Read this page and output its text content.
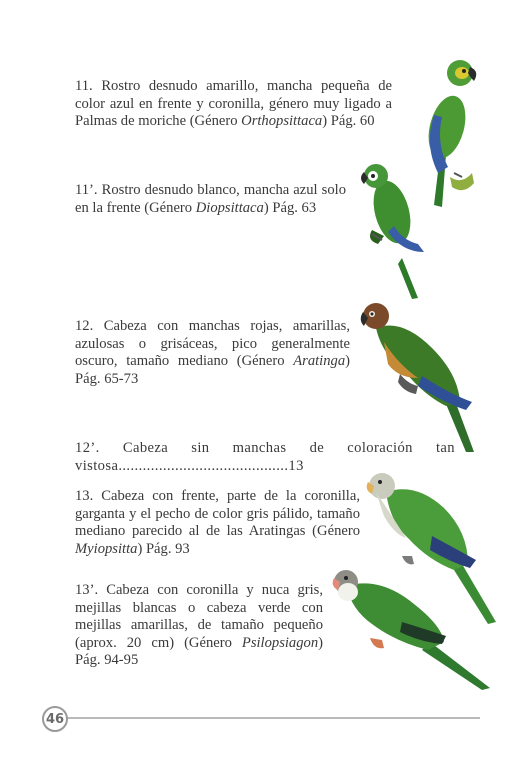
11. Rostro desnudo amarillo, mancha pequeña de color azul en frente y coronilla, género muy ligado a Palmas de moriche (Género Orthopsittaca) Pág. 60

11’. Rostro desnudo blanco, mancha azul solo en la frente (Género Diopsittaca) Pág. 63

12. Cabeza con manchas rojas, amarillas, azulosas o grisáceas, pico generalmente oscuro, tamaño mediano (Género Aratinga) Pág. 65-73

12’. Cabeza sin manchas de coloración tan vistosa..........................................13

13. Cabeza con frente, parte de la coronilla, garganta y el pecho de color gris pálido, tamaño mediano parecido al de las Aratingas (Género Myiopsitta) Pág. 93

13’. Cabeza con coronilla y nuca gris, mejillas blancas o cabeza verde con mejillas amarillas, de tamaño pequeño (aprox. 20 cm) (Género Psilopsiagon) Pág. 94-95

46
